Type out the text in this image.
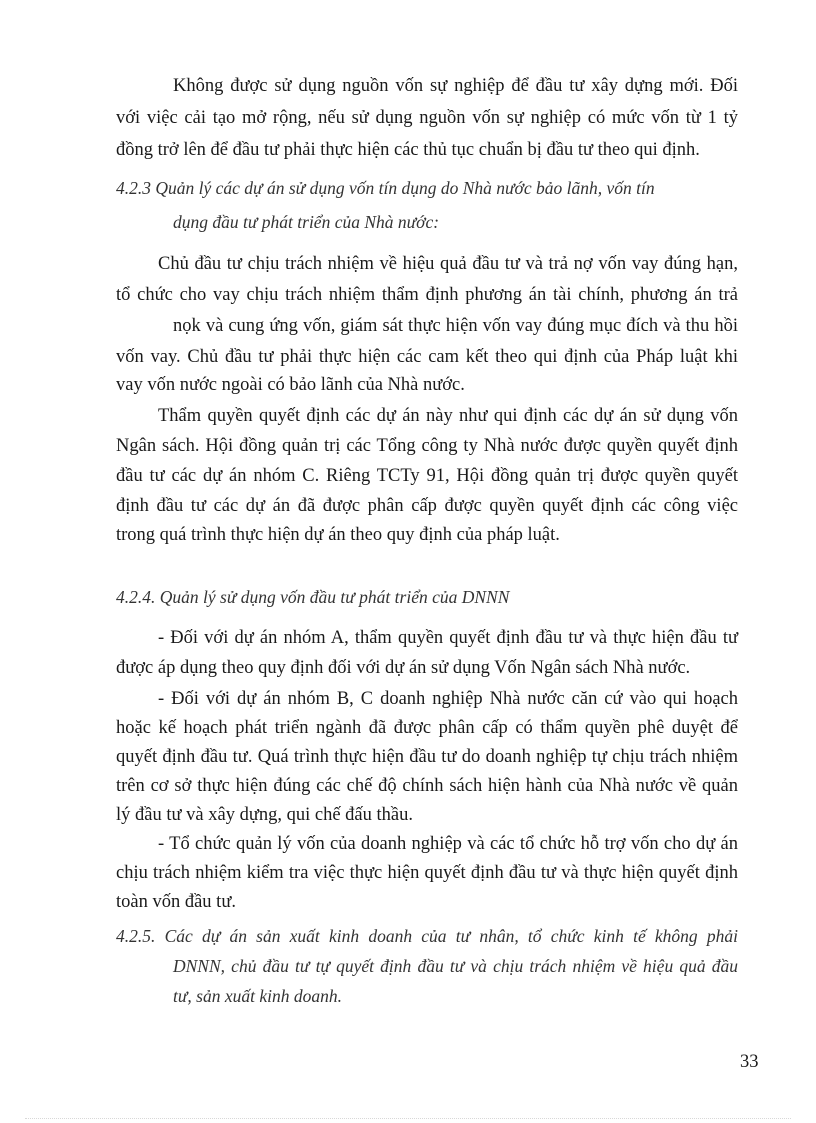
Không được sử dụng nguồn vốn sự nghiệp để đầu tư xây dựng mới. Đối
với việc cải tạo mở rộng, nếu sử dụng nguồn vốn sự nghiệp có mức vốn từ 1 tỷ
đồng trở lên để đầu tư phải thực hiện các thủ tục chuẩn bị đầu tư theo qui định.
4.2.3 Quản lý các dự án sử dụng vốn tín dụng do Nhà nước bảo lãnh, vốn tín
dụng đầu tư phát triển của Nhà nước:
Chủ đầu tư chịu trách nhiệm về hiệu quả đầu tư và trả nợ vốn vay đúng hạn,
tổ chức cho vay chịu trách nhiệm thẩm định phương án tài chính, phương án trả
nọk và cung ứng vốn, giám sát thực hiện vốn vay đúng mục đích và thu hồi
vốn vay. Chủ đầu tư phải thực hiện các cam kết theo qui định của Pháp luật khi
vay vốn nước ngoài có bảo lãnh của Nhà nước.
Thẩm quyền quyết định các dự án này như qui định các dự án sử dụng vốn
Ngân sách. Hội đồng quản trị các Tổng công ty Nhà nước được quyền quyết định
đầu tư các dự án nhóm C. Riêng TCTy 91, Hội đồng quản trị được quyền quyết
định đầu tư các dự án đã được phân cấp được quyền quyết định các công việc
trong quá trình thực hiện dự án theo quy định của pháp luật.
4.2.4. Quản lý sử dụng vốn đầu tư phát triển của DNNN
- Đối với dự án nhóm A, thẩm quyền quyết định đầu tư và thực hiện đầu tư
được áp dụng theo quy định đối với dự án sử dụng Vốn Ngân sách Nhà nước.
- Đối với dự án nhóm B, C doanh nghiệp Nhà nước căn cứ vào qui hoạch
hoặc kế hoạch phát triển ngành đã được phân cấp có thẩm quyền phê duyệt để
quyết định đầu tư. Quá trình thực hiện đầu tư do doanh nghiệp tự chịu trách nhiệm
trên cơ sở thực hiện đúng các chế độ chính sách hiện hành của Nhà nước về quản
lý đầu tư và xây dựng, qui chế đấu thầu.
- Tổ chức quản lý vốn của doanh nghiệp và các tổ chức hỗ trợ vốn cho dự án
chịu trách nhiệm kiểm tra việc thực hiện quyết định đầu tư và thực hiện quyết định
toàn vốn đầu tư.
4.2.5. Các dự án sản xuất kinh doanh của tư nhân, tổ chức kinh tế không phải
DNNN, chủ đầu tư tự quyết định đầu tư và chịu trách nhiệm về hiệu quả đầu
tư, sản xuất kinh doanh.
33
